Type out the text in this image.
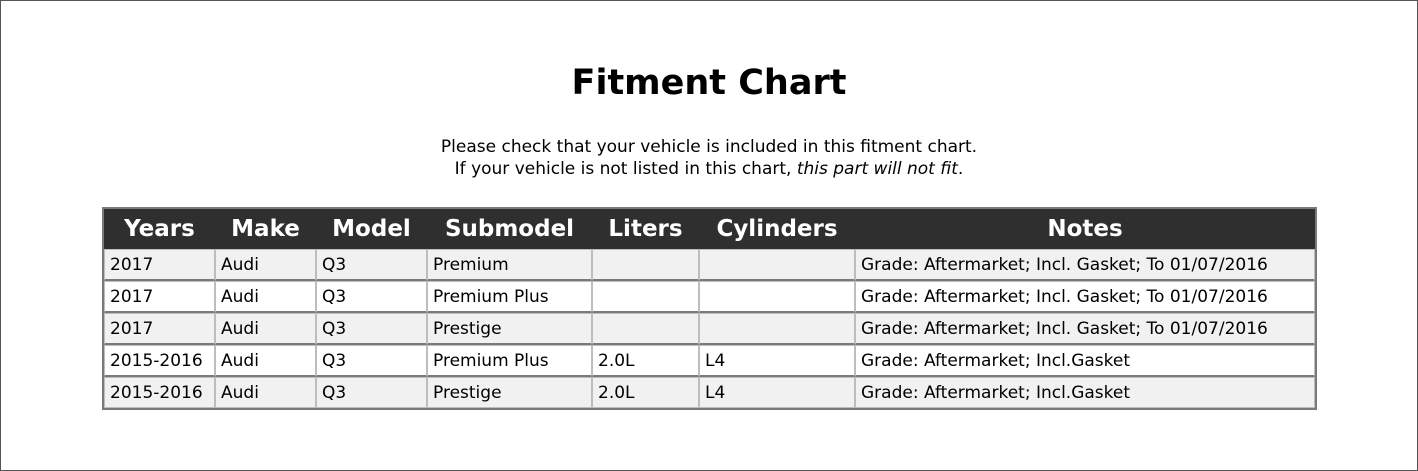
Fitment Chart
Please check that your vehicle is included in this fitment chart.
If your vehicle is not listed in this chart, this part will not fit.
Years	Make	Model	Submodel	Liters	Cylinders	Notes
2017	Audi	Q3	Premium			Grade: Aftermarket; Incl. Gasket; To 01/07/2016
2017	Audi	Q3	Premium Plus			Grade: Aftermarket; Incl. Gasket; To 01/07/2016
2017	Audi	Q3	Prestige			Grade: Aftermarket; Incl. Gasket; To 01/07/2016
2015-2016	Audi	Q3	Premium Plus	2.0L	L4	Grade: Aftermarket; Incl.Gasket
2015-2016	Audi	Q3	Prestige	2.0L	L4	Grade: Aftermarket; Incl.Gasket
